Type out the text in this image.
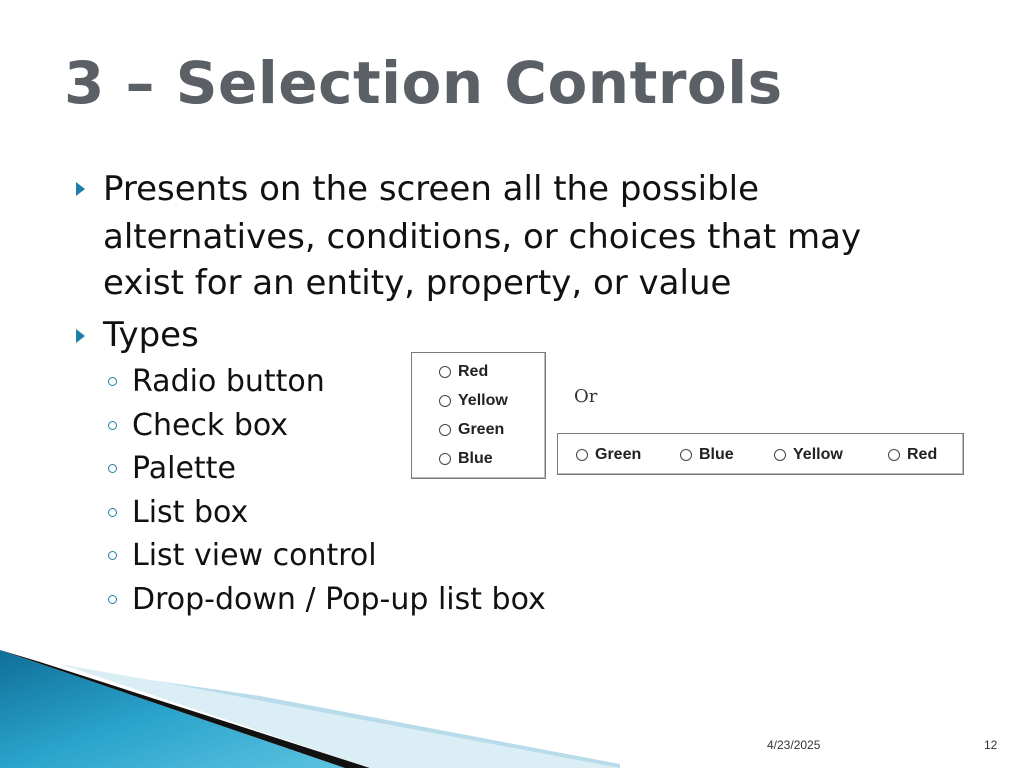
3 – Selection Controls

Presents on the screen all the possible

alternatives, conditions, or choices that may

exist for an entity, property, or value

Types

Radio button

Check box

Palette

List box

List view control

Drop-down / Pop-up list box

Red
Yellow
Green
Blue
Or
Green	Blue	Yellow	Red
4/23/2025	12
